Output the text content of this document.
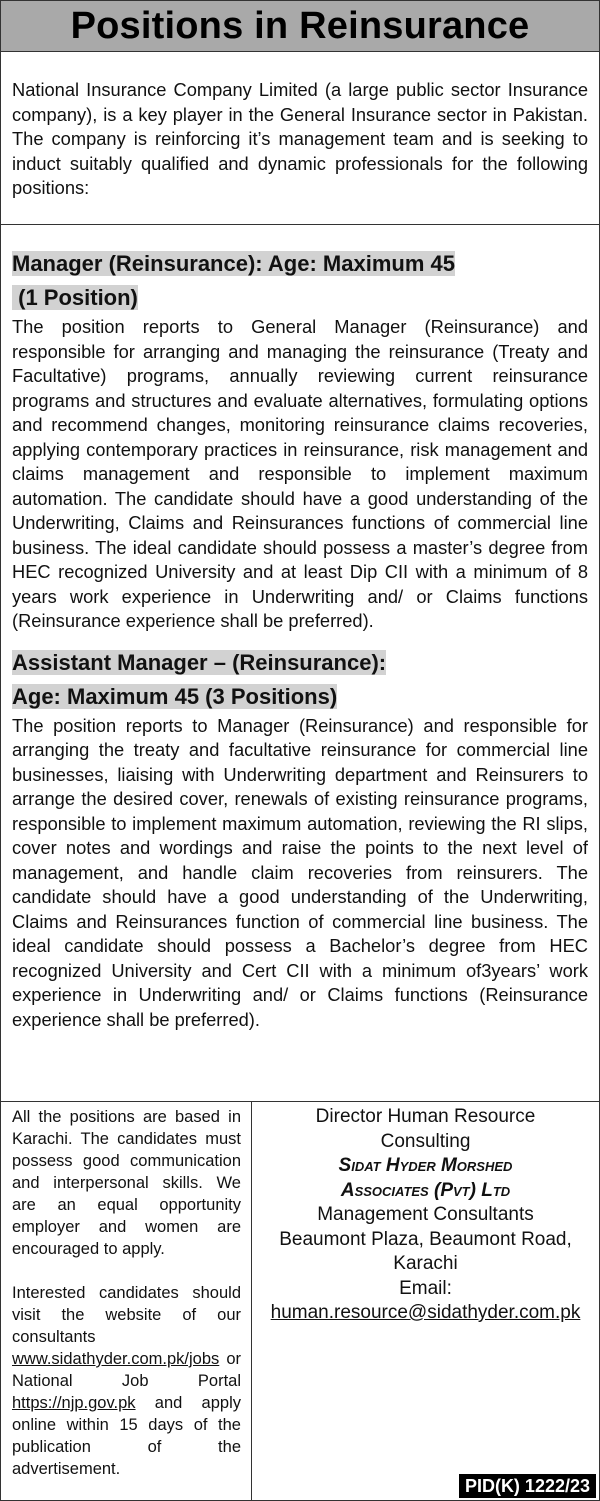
Positions in Reinsurance
National Insurance Company Limited (a large public sector Insurance company), is a key player in the General Insurance sector in Pakistan. The company is reinforcing it’s management team and is seeking to induct suitably qualified and dynamic professionals for the following positions:

Manager (Reinsurance): Age: Maximum 45

(1 Position)

The position reports to General Manager (Reinsurance) and responsible for arranging and managing the reinsurance (Treaty and Facultative) programs, annually reviewing current reinsurance programs and structures and evaluate alternatives, formulating options and recommend changes, monitoring reinsurance claims recoveries, applying contemporary practices in reinsurance, risk management and claims management and responsible to implement maximum automation. The candidate should have a good understanding of the Underwriting, Claims and Reinsurances functions of commercial line business. The ideal candidate should possess a master’s degree from HEC recognized University and at least Dip CII with a minimum of 8 years work experience in Underwriting and/ or Claims functions (Reinsurance experience shall be preferred).

Assistant Manager – (Reinsurance):

Age: Maximum 45 (3 Positions)

The position reports to Manager (Reinsurance) and responsible for arranging the treaty and facultative reinsurance for commercial line businesses, liaising with Underwriting department and Reinsurers to arrange the desired cover, renewals of existing reinsurance programs, responsible to implement maximum automation, reviewing the RI slips, cover notes and wordings and raise the points to the next level of management, and handle claim recoveries from reinsurers. The candidate should have a good understanding of the Underwriting, Claims and Reinsurances function of commercial line business. The ideal candidate should possess a Bachelor’s degree from HEC recognized University and Cert CII with a minimum of3years’ work experience in Underwriting and/ or Claims functions (Reinsurance experience shall be preferred).

All the positions are based in Karachi. The candidates must possess good communication and interpersonal skills. We are an equal opportunity employer and women are encouraged to apply.

Interested candidates should visit the website of our consultants www.sidathyder.com.pk/jobs or National Job Portal https://njp.gov.pk and apply online within 15 days of the publication of the advertisement.

Director Human Resource
Consulting
Sidat Hyder Morshed
Associates (Pvt) Ltd
Management Consultants
Beaumont Plaza, Beaumont Road,
Karachi
Email:
human.resource@sidathyder.com.pk
PID(K) 1222/23
